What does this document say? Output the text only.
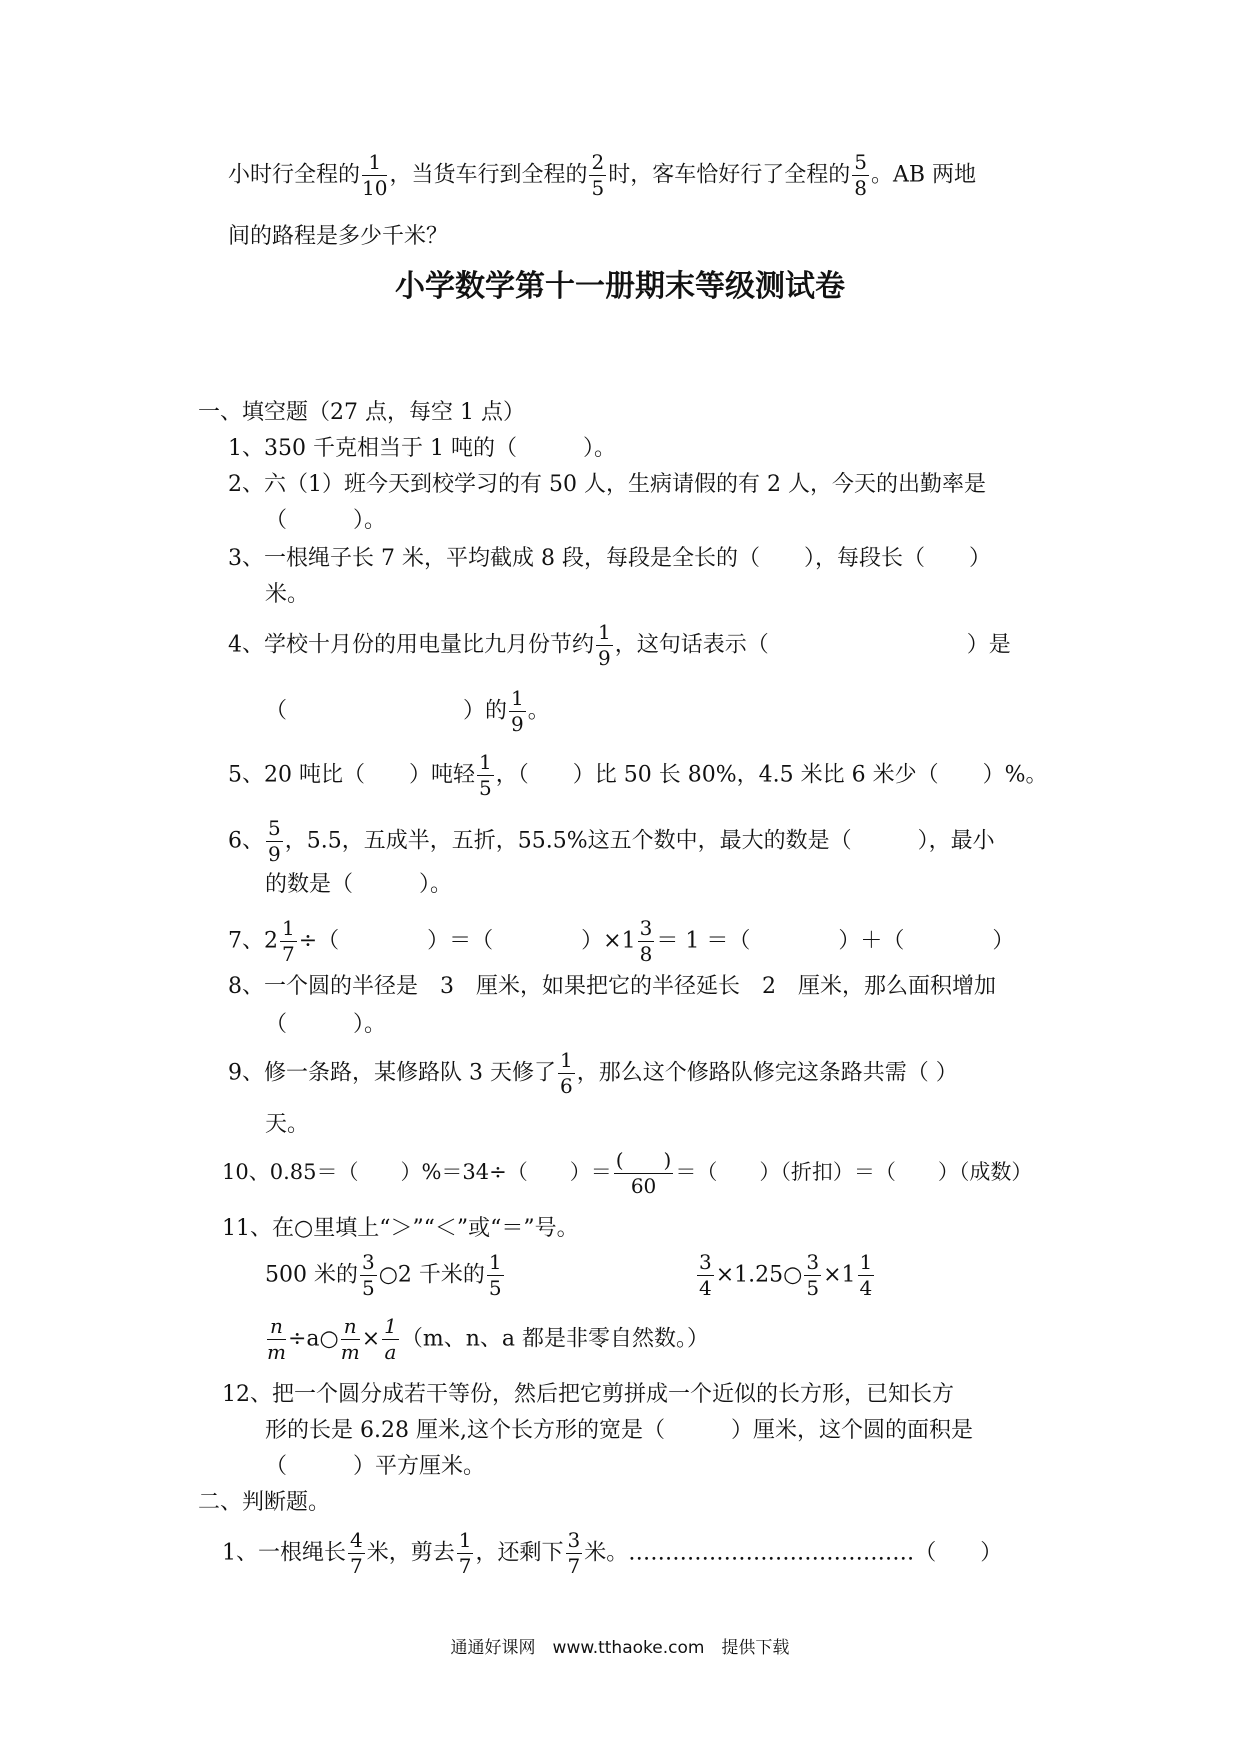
小时行全程的 $\frac{1}{10}$ ，当货车行到全程的 $\frac{2}{5}$ 时，客车恰好行了全程的 $\frac{5}{8}$ 。AB 两地
间的路程是多少千米？
小学数学第十一册期末等级测试卷
一、填空题（27 点，每空 1 点）
1、350 千克相当于 1 吨的（　　　）。
2、六（1）班今天到校学习的有 50 人，生病请假的有 2 人，今天的出勤率是
（　　　）。
3、一根绳子长 7 米，平均截成 8 段，每段是全长的（　　），每段长（　　）
米。
4、学校十月份的用电量比九月份节约 $\frac{1}{9}$ ，这句话表示（　　　　　　　　　）是
（　　　　　　　　）的 $\frac{1}{9}$ 。
5、20 吨比（　　）吨轻 $\frac{1}{5}$ ，（　　）比 50 长 80%，4.5 米比 6 米少（　　）%。
6、 $\frac{5}{9}$ ，5.5，五成半，五折，55.5%这五个数中，最大的数是（　　　），最小
的数是（　　　）。
7、$2 \frac{1}{7}$ ÷（　　　　）＝（　　　　）$\times 1 \frac{3}{8} = 1$ ＝（　　　　）＋（　　　　）
8、一个圆的半径是　3　厘米，如果把它的半径延长　2　厘米，那么面积增加
（　　　）。
9、修一条路，某修路队 3 天修了 $\frac{1}{6}$ ，那么这个修路队修完这条路共需（ ）
天。
10、0.85＝（　　）%＝34÷（　　）＝ $\frac{( )}{60}$ ＝（　　）（折扣）＝（　　）（成数）
11、在○里填上“＞”“＜”或“＝”号。
500 米的 $\frac{3}{5}$ ○2 千米的 $\frac{1}{5}$	$\frac{3}{4}$ ×1.25○ $\frac{3}{5} \times 1 \frac{1}{4}$
$\frac{n}{m}$ ÷a○ $\frac{n}{m} \times \frac{1}{a} (m$、n、a 都是非零自然数。）
12、把一个圆分成若干等份，然后把它剪拼成一个近似的长方形，已知长方
形的长是 6.28 厘米,这个长方形的宽是（　　　）厘米，这个圆的面积是
（　　　）平方厘米。
二、判断题。
1、一根绳长 $\frac{4}{7}$ 米，剪去 $\frac{1}{7}$ ，还剩下 $\frac{3}{7}$ 米。…………………………………（　　）
通通好课网　www.tthaoke.com　提供下载
